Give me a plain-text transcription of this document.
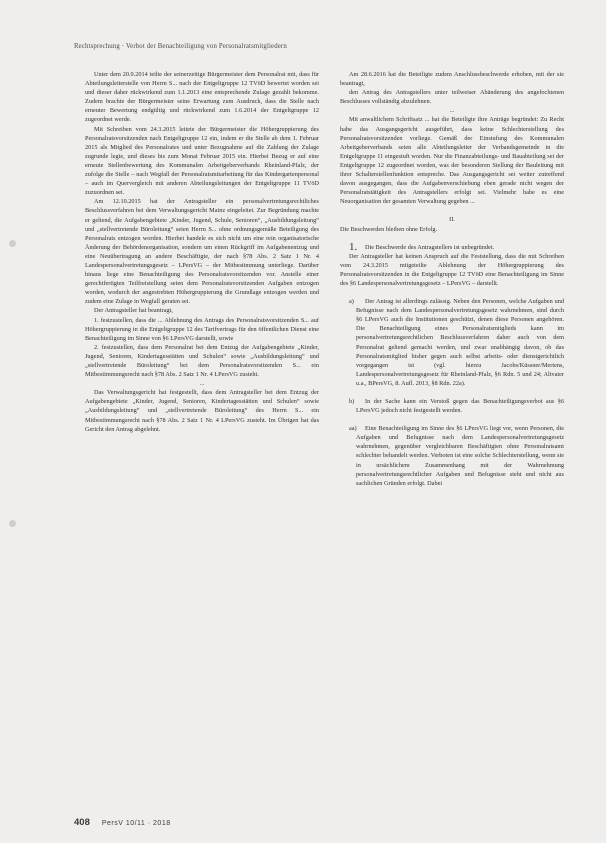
Rechtsprechung · Verbot der Benachteiligung von Personalratsmitgliedern

Unter dem 20.9.2014 teilte der seinerzeitige Bürgermeister dem Personalrat mit, dass für Abteilungsleiterstelle von Herrn S... nach der Entgeltgruppe 12 TVöD bewertet worden sei und dieser daher rückwirkend zum 1.1.2013 eine entsprechende Zulage gezahlt bekomme. Zudem brachte der Bürgermeister seine Erwartung zum Ausdruck, dass die Stelle nach erneuter Bewertung endgültig und rückwirkend zum 1.6.2014 der Entgeltgruppe 12 zugeordnet werde.

Mit Schreiben vom 24.3.2015 leitete der Bürgermeister die Höhergruppierung des Personalratsvorsitzenden nach Entgeltgruppe 12 ein, indem er die Stelle ab dem 1. Februar 2015 als Mitglied des Personalrates und unter Bezugnahme auf die Zahlung der Zulage zugrunde legte, und dieses bis zum Monat Februar 2015 ein. Hierbei Bezug er auf eine erneute Stellenbewertung des Kommunalen Arbeitgeberverbands Rheinland-Pfalz, der zufolge die Stelle – nach Wegfall der Personalratsmitarbeitung für das Kindergartenpersonal – auch im Quervergleich mit anderen Abteilungsleitungen der Entgeltgruppe 11 TVöD zuzuordnen sei.

Am 12.10.2015 hat der Antragsteller ein personalvertretungsrechtliches Beschlussverfahren bei dem Verwaltungsgericht Mainz eingeleitet. Zur Begründung machte er geltend, die Aufgabengebiete „Kinder, Jugend, Schule, Senioren“, „Ausbildungsleitung“ und „stellvertretende Büroleitung“ seien Herrn S... ohne ordnungsgemäße Beteiligung des Personalrats entzogen worden. Hierbei handele es sich nicht um eine rein organisatorische Änderung der Behördenorganisation, sondern um einen Rückgriff im Aufgabenentzug und eine Neuübertragung an andere Beschäftigte, der nach §78 Abs. 2 Satz 1 Nr. 4 Landespersonalvertretungsgesetz – LPersVG – der Mitbestimmung unterliege. Darüber hinaus liege eine Benachteiligung des Personalratsvorsitzenden vor. Anstelle einer gerechtfertigten Teilfreistellung seien dem Personalratsvorsitzenden Aufgaben entzogen worden, wodurch der angestrebten Höhergruppierung die Grundlage entzogen werden und zudem eine Zulage in Wegfall geraten sei.

Der Antragsteller hat beantragt,

1. festzustellen, dass die ... Ablehnung des Antrags des Personalratsvorsitzenden S... auf Höhergruppierung in die Entgeltgruppe 12 des Tarifvertrags für den öffentlichen Dienst eine Benachteiligung im Sinne von §6 LPersVG darstellt, sowie

2. festzustellen, dass dem Personalrat bei dem Entzug der Aufgabengebiete „Kinder, Jugend, Senioren, Kindertagesstätten und Schulen“ sowie „Ausbildungsleitung“ und „stellvertretende Büroleitung“ bei dem Personalratsvorsitzenden S... ein Mitbestimmungsrecht nach §78 Abs. 2 Satz 1 Nr. 4 LPersVG zusteht.

...

Das Verwaltungsgericht hat festgestellt, dass dem Antragsteller bei dem Entzug der Aufgabengebiete „Kinder, Jugend, Senioren, Kindertagesstätten und Schulen“ sowie „Ausbildungsleitung“ und „stellvertretende Büroleitung“ des Herrn S... ein Mitbestimmungsrecht nach §78 Abs. 2 Satz 1 Nr. 4 LPersVG zusteht. Im Übrigen hat das Gericht den Antrag abgelehnt.

Am 28.6.2016 hat die Beteiligte zudem Anschlussbeschwerde erhoben, mit der sie beantragt,

den Antrag des Antragstellers unter teilweiser Abänderung des angefochtenen Beschlusses vollständig abzulehnen.

...

Mit anwaltlichem Schriftsatz ... hat die Beteiligte ihre Anträge begründet: Zu Recht habe das Ausgangsgericht ausgeführt, dass keine Schlechterstellung des Personalratsvorsitzenden vorliege. Gemäß der Einstufung des Kommunalen Arbeitgeberverbands seien alle Abteilungsleiter der Verbandsgemeinde in die Entgeltgruppe 11 eingestuft worden. Nur die Finanzabteilungs- und Bauabteilung sei der Entgeltgruppe 12 zugeordnet worden, was der besonderen Stellung der Bauleitung mit ihrer Schalterstellenfunktion entspreche. Das Ausgangsgericht sei weiter zutreffend davon ausgegangen, dass die Aufgabenverschiebung eben gerade nicht wegen der Personalratstätigkeit des Antragstellers erfolgt sei. Vielmehr habe es eine Neuorganisation der gesamten Verwaltung gegeben ...

II.

Die Beschwerden bleiben ohne Erfolg.

1. Die Beschwerde des Antragstellers ist unbegründet.

Der Antragsteller hat keinen Anspruch auf die Feststellung, dass die mit Schreiben vom 24.3.2015 mitgeteilte Ablehnung der Höhergruppierung des Personalratsvorsitzenden in die Entgeltgruppe 12 TVöD eine Benachteiligung im Sinne des §6 Landespersonalvertretungsgesetz – LPersVG – darstellt.

a) Der Antrag ist allerdings zulässig. Neben den Personen, welche Aufgaben und Befugnisse nach dem Landespersonalvertretungsgesetz wahrnehmen, sind durch §6 LPersVG auch die Institutionen geschützt, denen diese Personen angehören. Die Benachteiligung eines Personalratsmitglieds kann im personalvertretungsrechtlichen Beschlussverfahren daher auch von dem Personalrat geltend gemacht werden, und zwar unabhängig davon, ob das Personalratsmitglied bisher gegen auch selbst arbeits- oder dienstgerichtlich vorgegangen ist (vgl. hierzu Jacobs/Küssner/Mertens, Landespersonalvertretungsgesetz für Rheinland-Pfalz, §6 Rdn. 5 und 24; Altvater u.a., BPersVG, 8. Aufl. 2013, §8 Rdn. 22a).

b) In der Sache kann ein Verstoß gegen das Benachteiligungsverbot aus §6 LPersVG jedoch nicht festgestellt werden.

aa) Eine Benachteiligung im Sinne des §6 LPersVG liegt vor, wenn Personen, die Aufgaben und Befugnisse nach dem Landespersonalvertretungsgesetz wahrnehmen, gegenüber vergleichbaren Beschäftigten ohne Personalratsamt schlechter behandelt werden. Verboten ist eine solche Schlechterstellung, wenn sie in ursächlichem Zusammenhang mit der Wahrnehmung personalvertretungsrechtlicher Aufgaben und Befugnisse steht und nicht aus sachlichen Gründen erfolgt. Dabei

408 PersV 10/11 · 2018
